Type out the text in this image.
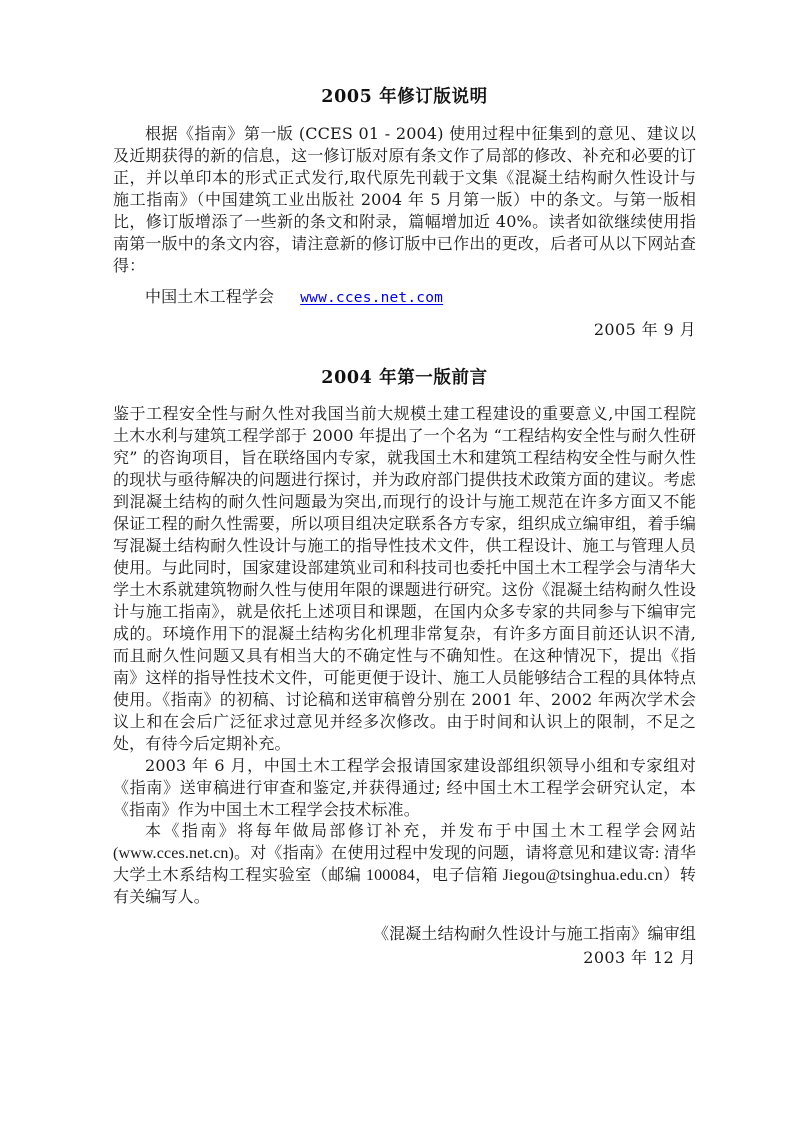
2005 年修订版说明

根据《指南》第一版 (CCES 01 - 2004) 使用过程中征集到的意见、建议以及近期获得的新的信息，这一修订版对原有条文作了局部的修改、补充和必要的订正，并以单印本的形式正式发行,取代原先刊载于文集《混凝土结构耐久性设计与施工指南》（中国建筑工业出版社 2004 年 5 月第一版）中的条文。与第一版相比，修订版增添了一些新的条文和附录，篇幅增加近 40%。读者如欲继续使用指南第一版中的条文内容，请注意新的修订版中已作出的更改，后者可从以下网站查得：

中国土木工程学会 www.cces.net.com

2005 年 9 月

2004 年第一版前言

鉴于工程安全性与耐久性对我国当前大规模土建工程建设的重要意义,中国工程院土木水利与建筑工程学部于 2000 年提出了一个名为 “工程结构安全性与耐久性研究” 的咨询项目，旨在联络国内专家，就我国土木和建筑工程结构安全性与耐久性的现状与亟待解决的问题进行探讨，并为政府部门提供技术政策方面的建议。考虑到混凝土结构的耐久性问题最为突出,而现行的设计与施工规范在许多方面又不能保证工程的耐久性需要，所以项目组决定联系各方专家，组织成立编审组，着手编写混凝土结构耐久性设计与施工的指导性技术文件，供工程设计、施工与管理人员使用。与此同时，国家建设部建筑业司和科技司也委托中国土木工程学会与清华大学土木系就建筑物耐久性与使用年限的课题进行研究。这份《混凝土结构耐久性设计与施工指南》，就是依托上述项目和课题，在国内众多专家的共同参与下编审完成的。环境作用下的混凝土结构劣化机理非常复杂，有许多方面目前还认识不清,而且耐久性问题又具有相当大的不确定性与不确知性。在这种情况下，提出《指南》这样的指导性技术文件，可能更便于设计、施工人员能够结合工程的具体特点使用。《指南》的初稿、讨论稿和送审稿曾分别在 2001 年、2002 年两次学术会议上和在会后广泛征求过意见并经多次修改。由于时间和认识上的限制，不足之处，有待今后定期补充。

2003 年 6 月，中国土木工程学会报请国家建设部组织领导小组和专家组对《指南》送审稿进行审查和鉴定,并获得通过; 经中国土木工程学会研究认定，本《指南》作为中国土木工程学会技术标准。

本《指南》将每年做局部修订补充，并发布于中国土木工程学会网站 (www.cces.net.cn)。对《指南》在使用过程中发现的问题，请将意见和建议寄: 清华大学土木系结构工程实验室（邮编 100084，电子信箱 Jiegou@tsinghua.edu.cn）转有关编写人。

《混凝土结构耐久性设计与施工指南》编审组

2003 年 12 月
